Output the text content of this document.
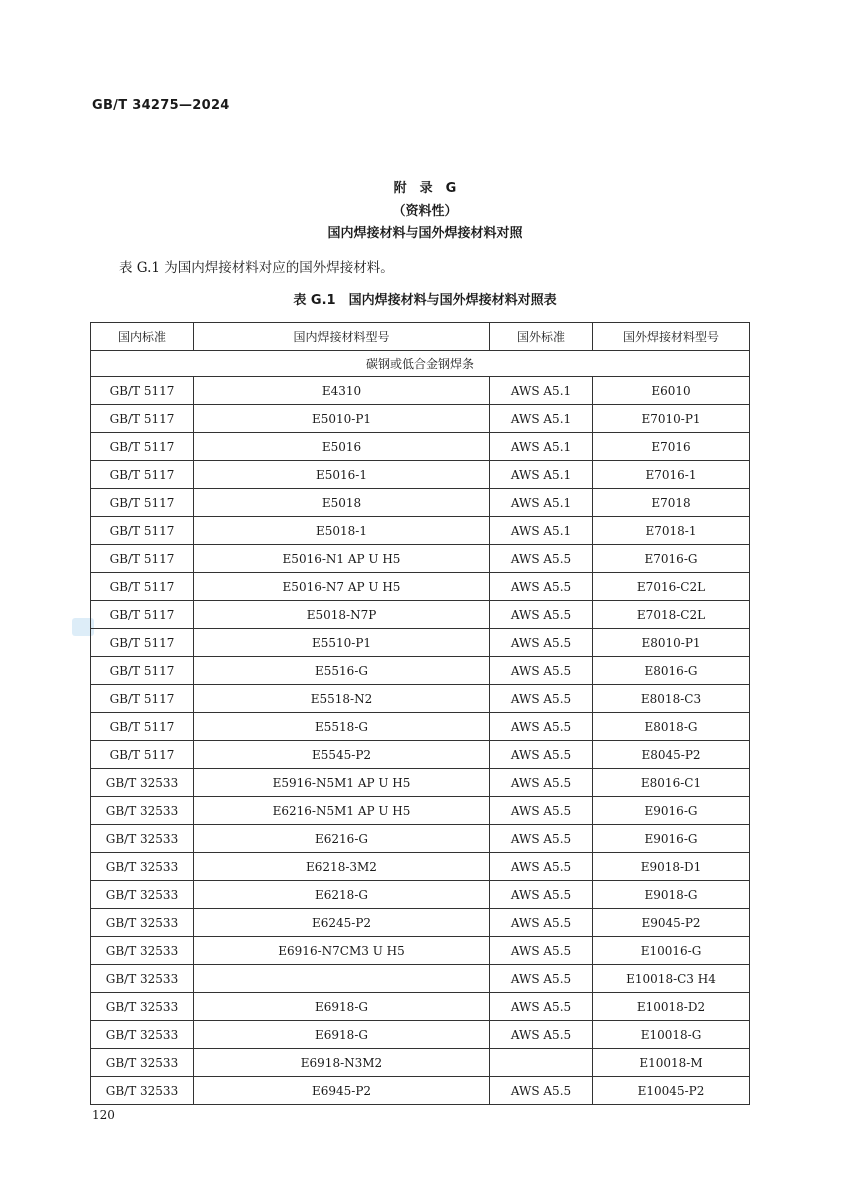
GB/T 34275—2024
附　录　G
（资料性）
国内焊接材料与国外焊接材料对照
表 G.1 为国内焊接材料对应的国外焊接材料。
表 G.1　国内焊接材料与国外焊接材料对照表
国内标准	国内焊接材料型号	国外标准	国外焊接材料型号
碳钢或低合金钢焊条			
GB/T 5117	E4310	AWS A5.1	E6010
GB/T 5117	E5010-P1	AWS A5.1	E7010-P1
GB/T 5117	E5016	AWS A5.1	E7016
GB/T 5117	E5016-1	AWS A5.1	E7016-1
GB/T 5117	E5018	AWS A5.1	E7018
GB/T 5117	E5018-1	AWS A5.1	E7018-1
GB/T 5117	E5016-N1 AP U H5	AWS A5.5	E7016-G
GB/T 5117	E5016-N7 AP U H5	AWS A5.5	E7016-C2L
GB/T 5117	E5018-N7P	AWS A5.5	E7018-C2L
GB/T 5117	E5510-P1	AWS A5.5	E8010-P1
GB/T 5117	E5516-G	AWS A5.5	E8016-G
GB/T 5117	E5518-N2	AWS A5.5	E8018-C3
GB/T 5117	E5518-G	AWS A5.5	E8018-G
GB/T 5117	E5545-P2	AWS A5.5	E8045-P2
GB/T 32533	E5916-N5M1 AP U H5	AWS A5.5	E8016-C1
GB/T 32533	E6216-N5M1 AP U H5	AWS A5.5	E9016-G
GB/T 32533	E6216-G	AWS A5.5	E9016-G
GB/T 32533	E6218-3M2	AWS A5.5	E9018-D1
GB/T 32533	E6218-G	AWS A5.5	E9018-G
GB/T 32533	E6245-P2	AWS A5.5	E9045-P2
GB/T 32533	E6916-N7CM3 U H5	AWS A5.5	E10016-G
GB/T 32533		AWS A5.5	E10018-C3 H4
GB/T 32533	E6918-G	AWS A5.5	E10018-D2
GB/T 32533	E6918-G	AWS A5.5	E10018-G
GB/T 32533	E6918-N3M2		E10018-M
GB/T 32533	E6945-P2	AWS A5.5	E10045-P2
120
